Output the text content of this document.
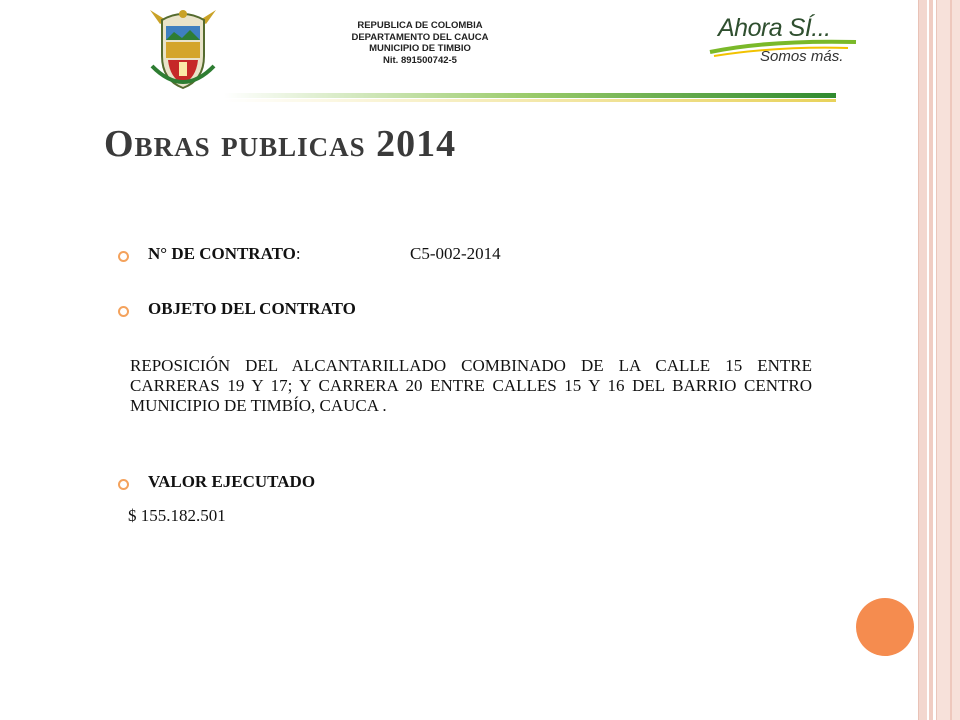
REPUBLICA DE COLOMBIA
DEPARTAMENTO DEL CAUCA
MUNICIPIO DE TIMBIO
Nit. 891500742-5
Ahora SÍ...
Somos más.
Obras publicas 2014
N° DE CONTRATO:	C5-002-2014
OBJETO DEL CONTRATO

REPOSICIÓN DEL ALCANTARILLADO COMBINADO DE LA CALLE 15 ENTRE CARRERAS 19 Y 17; Y CARRERA 20 ENTRE CALLES 15 Y 16 DEL BARRIO CENTRO MUNICIPIO DE TIMBÍO, CAUCA .

VALOR EJECUTADO
$ 155.182.501
